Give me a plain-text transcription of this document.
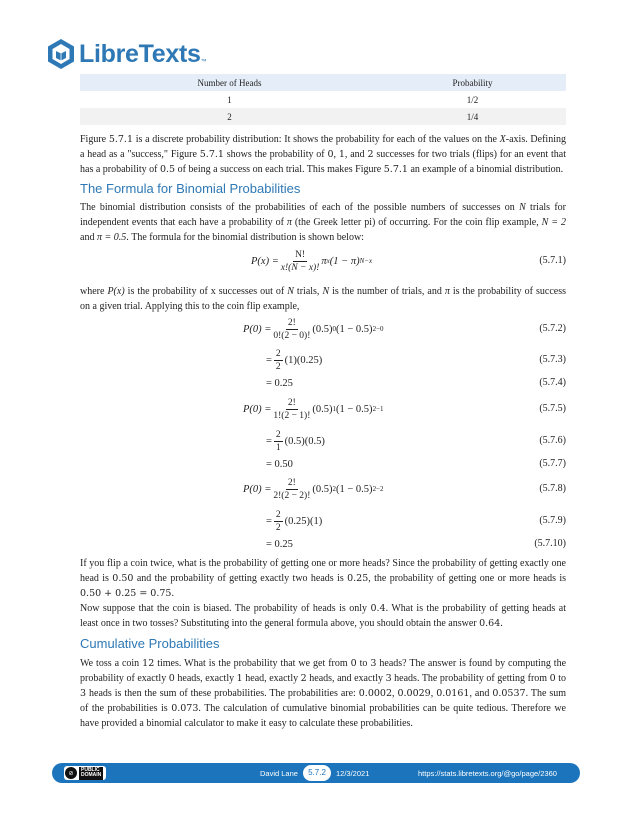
LibreTexts ™
Number of Heads	Probability
1	1/2
2	1/4
Figure 5.7.1 is a discrete probability distribution: It shows the probability for each of the values on the X-axis. Defining a head as a "success," Figure 5.7.1 shows the probability of 0, 1, and 2 successes for two trials (flips) for an event that has a probability of 0.5 of being a success on each trial. This makes Figure 5.7.1 an example of a binomial distribution.
The Formula for Binomial Probabilities
The binomial distribution consists of the probabilities of each of the possible numbers of successes on N trials for independent events that each have a probability of π (the Greek letter pi) of occurring. For the coin flip example, N = 2 and π = 0.5. The formula for the binomial distribution is shown below:
$P(x) = \frac{N!}{x!(N - x)!}$ π x (1 − π) N−x	(5.7.1)
where P(x) is the probability of x successes out of N trials, N is the number of trials, and π is the probability of success on a given trial. Applying this to the coin flip example,
$P(0) = \frac{2!}{0!(2 - 0)!} (0.5)$ 0 (1 − 0.5) 2−0	(5.7.2)
= $\frac{2}{2} (1)(0.25)$	(5.7.3)
= 0.25	(5.7.4)
$P(0) = \frac{2!}{1!(2 - 1)!} (0.5)$ 1 (1 − 0.5) 2−1	(5.7.5)
= $\frac{2}{1} (0.5)(0.5)$	(5.7.6)
= 0.50	(5.7.7)
$P(0) = \frac{2!}{2!(2 - 2)!} (0.5)$ 2 (1 − 0.5) 2−2	(5.7.8)
= $\frac{2}{2} (0.25)(1)$	(5.7.9)
= 0.25	(5.7.10)
If you flip a coin twice, what is the probability of getting one or more heads? Since the probability of getting exactly one head is 0.50 and the probability of getting exactly two heads is 0.25, the probability of getting one or more heads is 0.50 + 0.25 = 0.75.
Now suppose that the coin is biased. The probability of heads is only 0.4. What is the probability of getting heads at least once in two tosses? Substituting into the general formula above, you should obtain the answer 0.64.
Cumulative Probabilities
We toss a coin 12 times. What is the probability that we get from 0 to 3 heads? The answer is found by computing the probability of exactly 0 heads, exactly 1 head, exactly 2 heads, and exactly 3 heads. The probability of getting from 0 to 3 heads is then the sum of these probabilities. The probabilities are: 0.0002, 0.0029, 0.0161, and 0.0537. The sum of the probabilities is 0.073. The calculation of cumulative binomial probabilities can be quite tedious. Therefore we have provided a binomial calculator to make it easy to calculate these probabilities.
⊘
PUBLIC
DOMAIN	David Lane	5.7.2	12/3/2021	https://stats.libretexts.org/@go/page/2360
